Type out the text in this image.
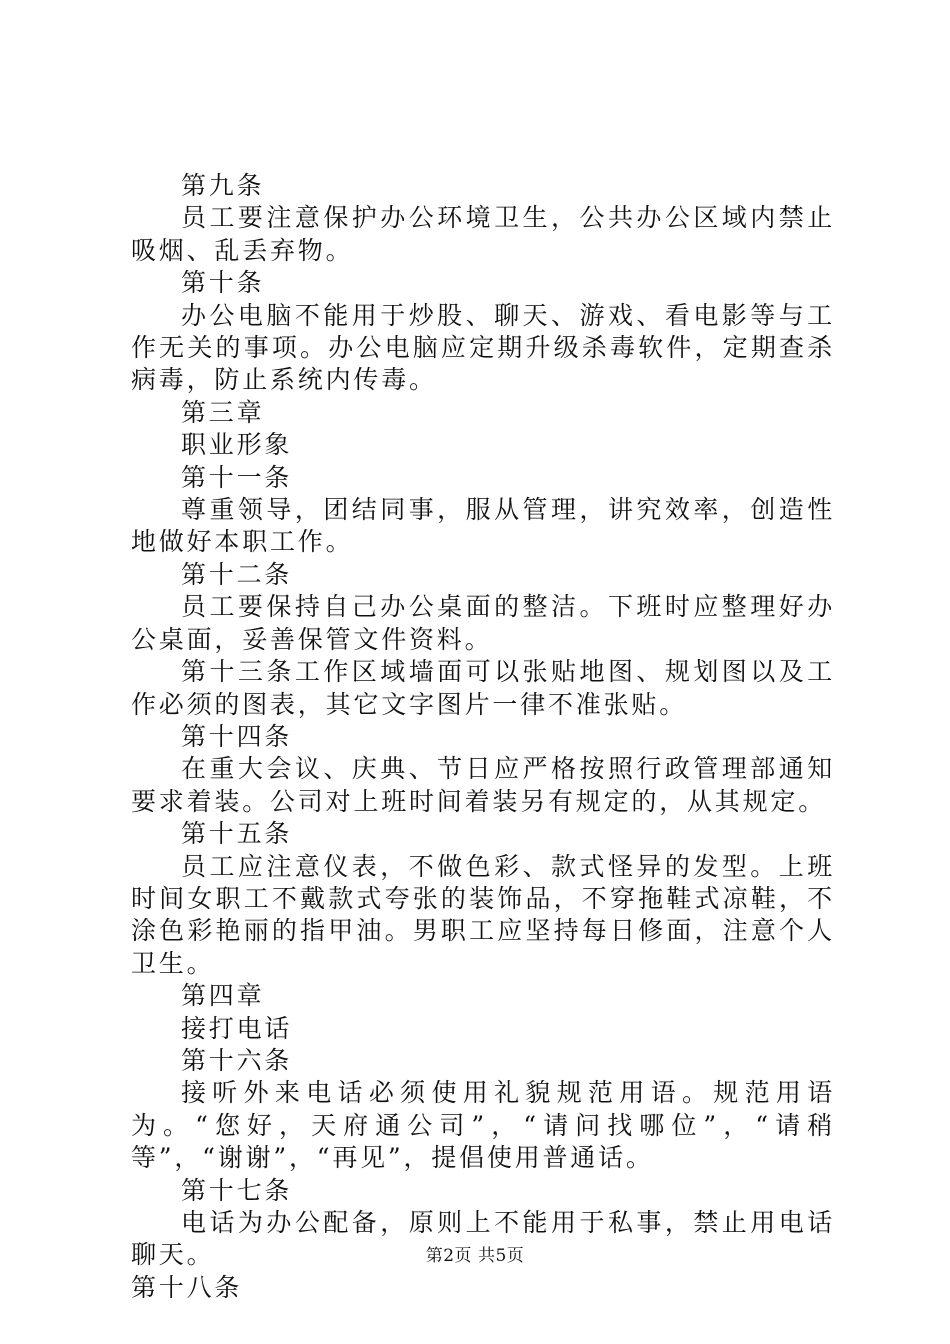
第九条

员工要注意保护办公环境卫生，公共办公区域内禁止吸烟、乱丢弃物。

第十条

办公电脑不能用于炒股、聊天、游戏、看电影等与工作无关的事项。办公电脑应定期升级杀毒软件，定期查杀病毒，防止系统内传毒。

第三章

职业形象

第十一条

尊重领导，团结同事，服从管理，讲究效率，创造性地做好本职工作。

第十二条

员工要保持自己办公桌面的整洁。下班时应整理好办公桌面，妥善保管文件资料。

第十三条工作区域墙面可以张贴地图、规划图以及工作必须的图表，其它文字图片一律不准张贴。

第十四条

在重大会议、庆典、节日应严格按照行政管理部通知要求着装。公司对上班时间着装另有规定的，从其规定。

第十五条

员工应注意仪表，不做色彩、款式怪异的发型。上班时间女职工不戴款式夸张的装饰品，不穿拖鞋式凉鞋，不涂色彩艳丽的指甲油。男职工应坚持每日修面，注意个人卫生。

第四章

接打电话

第十六条

接听外来电话必须使用礼貌规范用语。规范用语为。“您好，天府通公司”，“请问找哪位”，“请稍等”，“谢谢”，“再见”，提倡使用普通话。

第十七条

电话为办公配备，原则上不能用于私事，禁止用电话聊天。

第十八条

第2页 共5页
